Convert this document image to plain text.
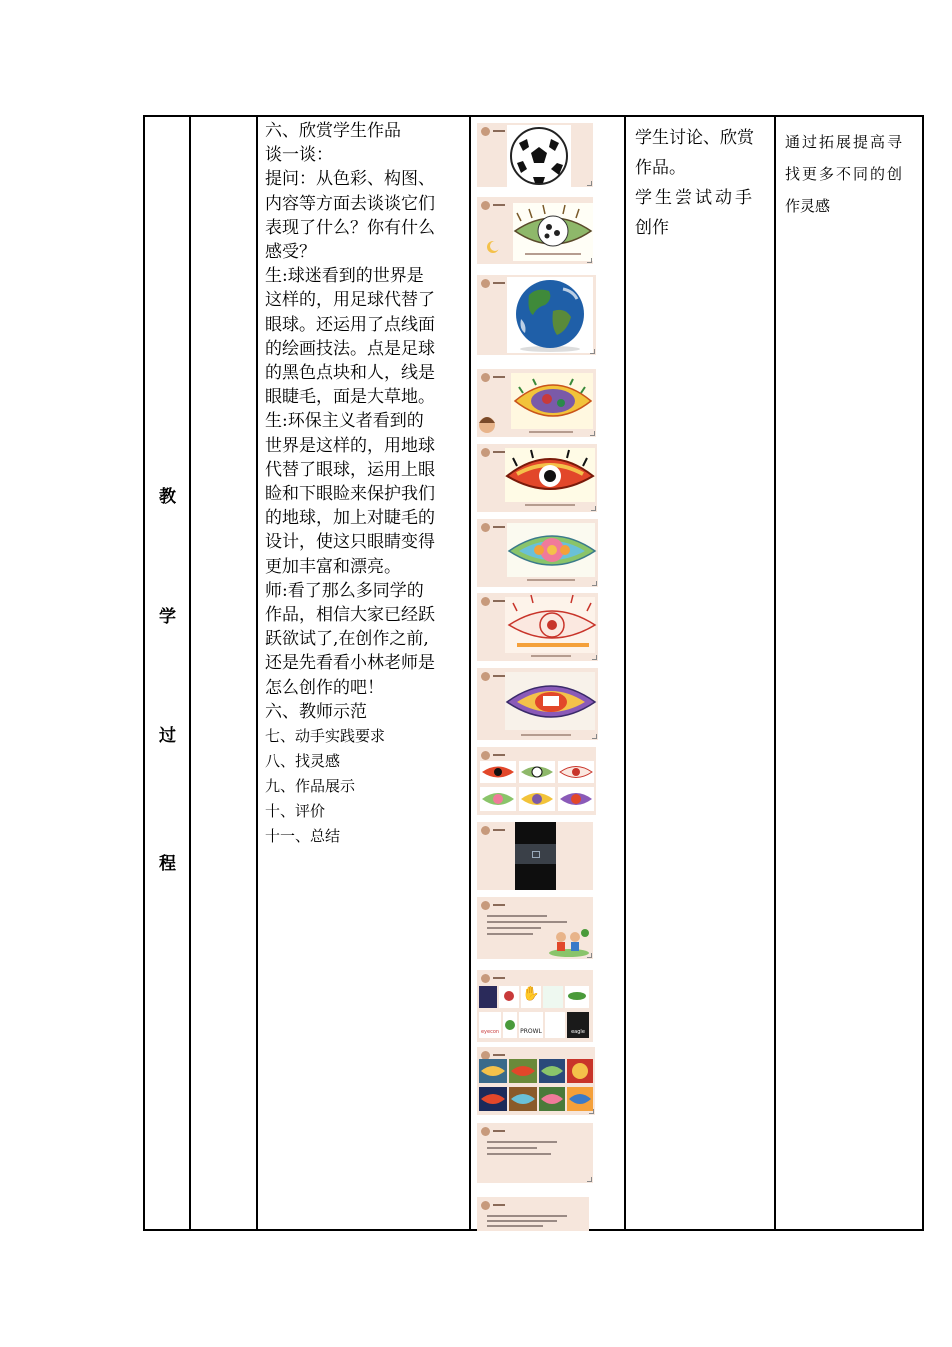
教
学
过
程
六、欣赏学生作品
谈一谈：
提问：从色彩、构图、
内容等方面去谈谈它们
表现了什么？你有什么
感受？
生:球迷看到的世界是
这样的，用足球代替了
眼球。还运用了点线面
的绘画技法。点是足球
的黑色点块和人，线是
眼睫毛，面是大草地。
生:环保主义者看到的
世界是这样的，用地球
代替了眼球，运用上眼
睑和下眼睑来保护我们
的地球，加上对睫毛的
设计，使这只眼睛变得
更加丰富和漂亮。
师:看了那么多同学的
作品，相信大家已经跃
跃欲试了,在创作之前,
还是先看看小林老师是
怎么创作的吧！
六、教师示范
七、动手实践要求
八、找灵感
九、作品展示
十、评价
十一、总结
✋
eyecon	PROWL	eagle
学生讨论、欣赏
作品。
学生尝试动手
创作
通过拓展提高寻
找更多不同的创
作灵感
